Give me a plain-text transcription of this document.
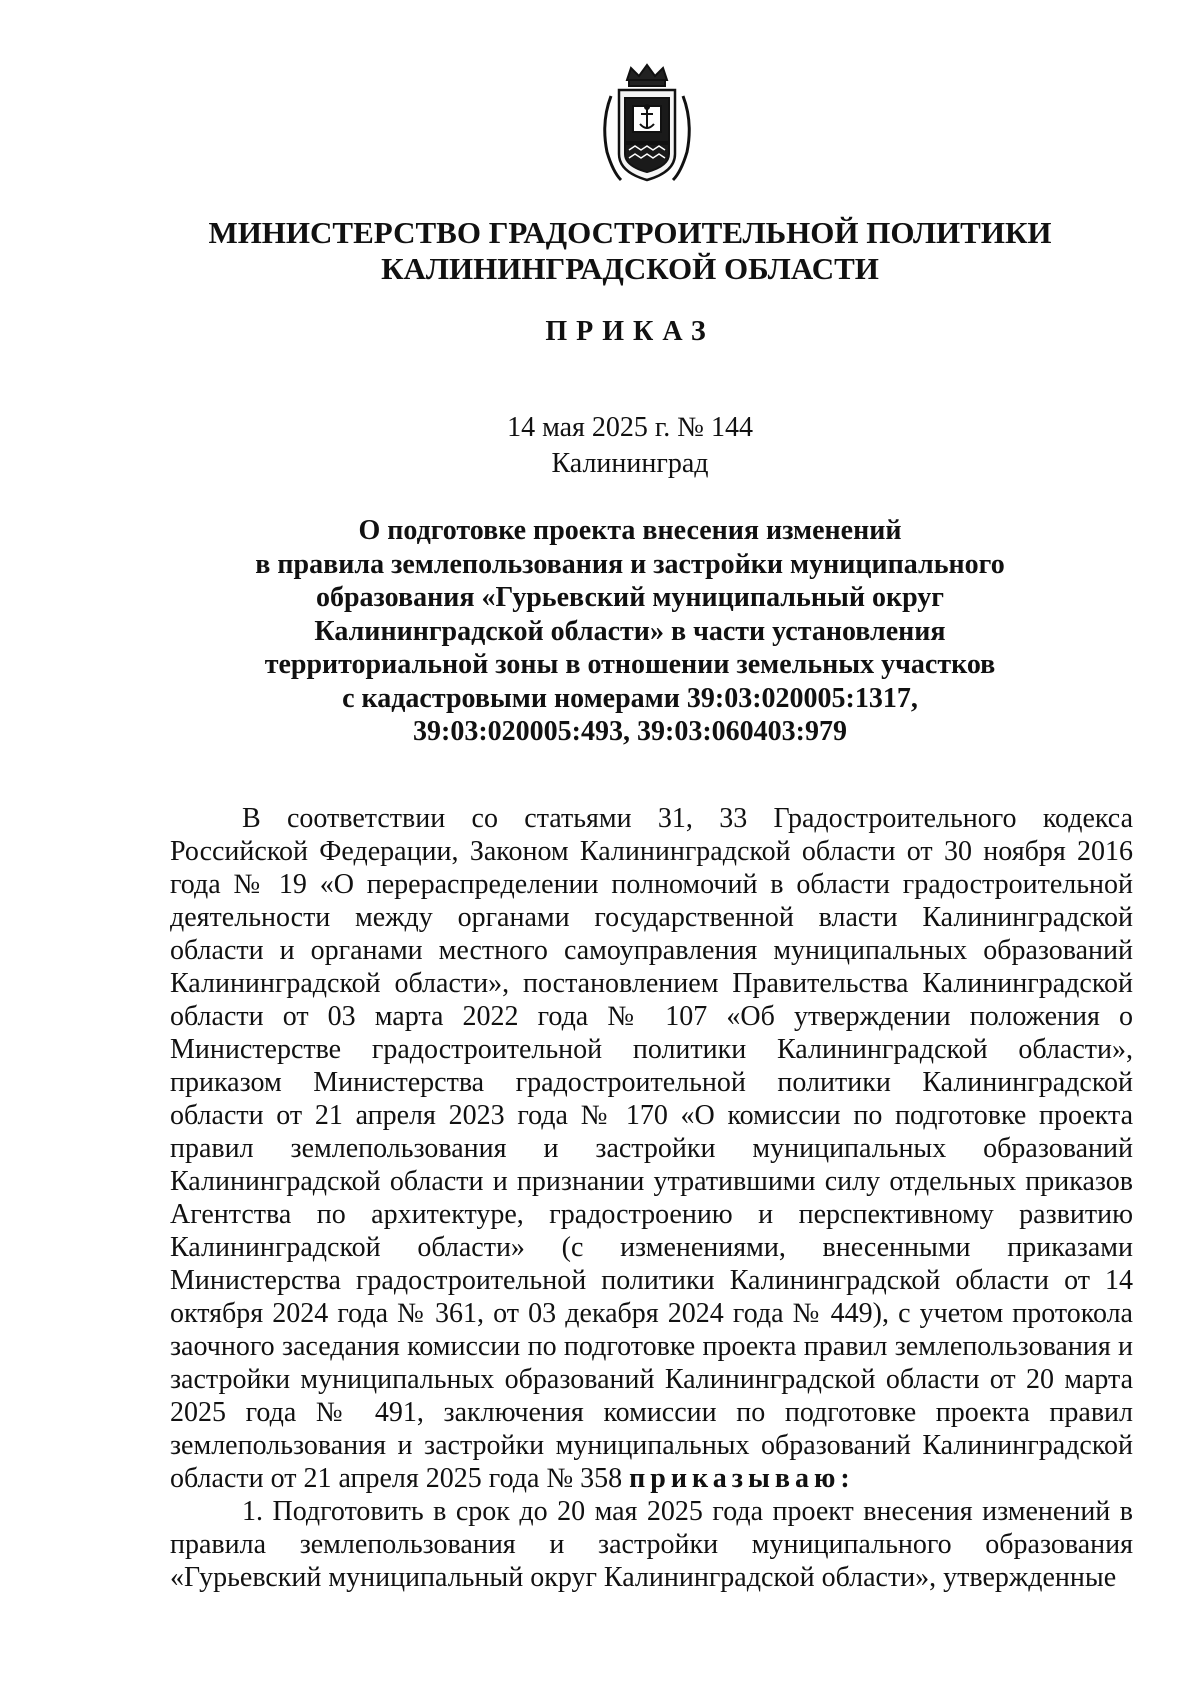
МИНИСТЕРСТВО ГРАДОСТРОИТЕЛЬНОЙ ПОЛИТИКИ
КАЛИНИНГРАДСКОЙ ОБЛАСТИ
ПРИКАЗ
14 мая 2025 г. № 144
Калининград
О подготовке проекта внесения изменений
в правила землепользования и застройки муниципального
образования «Гурьевский муниципальный округ
Калининградской области» в части установления
территориальной зоны в отношении земельных участков
с кадастровыми номерами 39:03:020005:1317,
39:03:020005:493, 39:03:060403:979

В соответствии со статьями 31, 33 Градостроительного кодекса Российской Федерации, Законом Калининградской области от 30 ноября 2016 года № 19 «О перераспределении полномочий в области градостроительной деятельности между органами государственной власти Калининградской области и органами местного самоуправления муниципальных образований Калининградской области», постановлением Правительства Калининградской области от 03 марта 2022 года № 107 «Об утверждении положения о Министерстве градостроительной политики Калининградской области», приказом Министерства градостроительной политики Калининградской области от 21 апреля 2023 года № 170 «О комиссии по подготовке проекта правил землепользования и застройки муниципальных образований Калининградской области и признании утратившими силу отдельных приказов Агентства по архитектуре, градостроению и перспективному развитию Калининградской области» (с изменениями, внесенными приказами Министерства градостроительной политики Калининградской области от 14 октября 2024 года № 361, от 03 декабря 2024 года № 449), с учетом протокола заочного заседания комиссии по подготовке проекта правил землепользования и застройки муниципальных образований Калининградской области от 20 марта 2025 года № 491, заключения комиссии по подготовке проекта правил землепользования и застройки муниципальных образований Калининградской области от 21 апреля 2025 года № 358 приказываю:

1. Подготовить в срок до 20 мая 2025 года проект внесения изменений в правила землепользования и застройки муниципального образования «Гурьевский муниципальный округ Калининградской области», утвержденные
